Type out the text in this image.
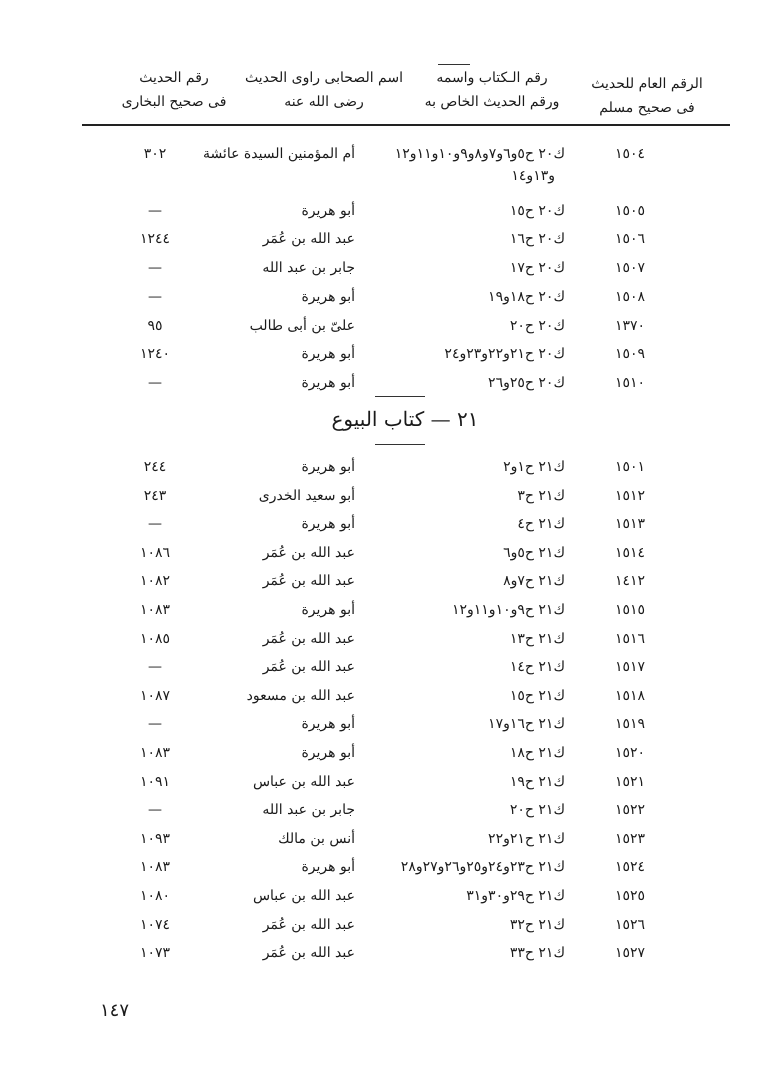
الرقم العام للحديث
فى صحيح مسلم
رقم الـكتاب واسمه
ورقم الحديث الخاص به
اسم الصحابى راوى الحديث
رضى الله عنه
رقم الحديث
فى صحيح البخارى
١٥٠٤
ك٢٠ ح٥و٦و٧و٨و٩و١٠و١١و١٢
أم المؤمنين السيدة عائشة
٣٠٢
١٥٠٥
ك٢٠ ح١٥
أبو هريرة
—
١٥٠٦
ك٢٠ ح١٦
عبد الله بن عُمَر
١٢٤٤
١٥٠٧
ك٢٠ ح١٧
جابر بن عبد الله
—
١٥٠٨
ك٢٠ ح١٨و١٩
أبو هريرة
—
١٣٧٠
ك٢٠ ح٢٠
علىّ بن أبى طالب
٩٥
١٥٠٩
ك٢٠ ح٢١و٢٢و٢٣و٢٤
أبو هريرة
١٢٤٠
١٥١٠
ك٢٠ ح٢٥و٢٦
أبو هريرة
—
و١٣و١٤
٢١ — كتاب البيوع
١٥٠١
ك٢١ ح١و٢
أبو هريرة
٢٤٤
١٥١٢
ك٢١ ح٣
أبو سعيد الخدرى
٢٤٣
١٥١٣
ك٢١ ح٤
أبو هريرة
—
١٥١٤
ك٢١ ح٥و٦
عبد الله بن عُمَر
١٠٨٦
١٤١٢
ك٢١ ح٧و٨
عبد الله بن عُمَر
١٠٨٢
١٥١٥
ك٢١ ح٩و١٠و١١و١٢
أبو هريرة
١٠٨٣
١٥١٦
ك٢١ ح١٣
عبد الله بن عُمَر
١٠٨٥
١٥١٧
ك٢١ ح١٤
عبد الله بن عُمَر
—
١٥١٨
ك٢١ ح١٥
عبد الله بن مسعود
١٠٨٧
١٥١٩
ك٢١ ح١٦و١٧
أبو هريرة
—
١٥٢٠
ك٢١ ح١٨
أبو هريرة
١٠٨٣
١٥٢١
ك٢١ ح١٩
عبد الله بن عباس
١٠٩١
١٥٢٢
ك٢١ ح٢٠
جابر بن عبد الله
—
١٥٢٣
ك٢١ ح٢١و٢٢
أنس بن مالك
١٠٩٣
١٥٢٤
ك٢١ ح٢٣و٢٤و٢٥و٢٦و٢٧و٢٨
أبو هريرة
١٠٨٣
١٥٢٥
ك٢١ ح٢٩و٣٠و٣١
عبد الله بن عباس
١٠٨٠
١٥٢٦
ك٢١ ح٣٢
عبد الله بن عُمَر
١٠٧٤
١٥٢٧
ك٢١ ح٣٣
عبد الله بن عُمَر
١٠٧٣
١٤٧
